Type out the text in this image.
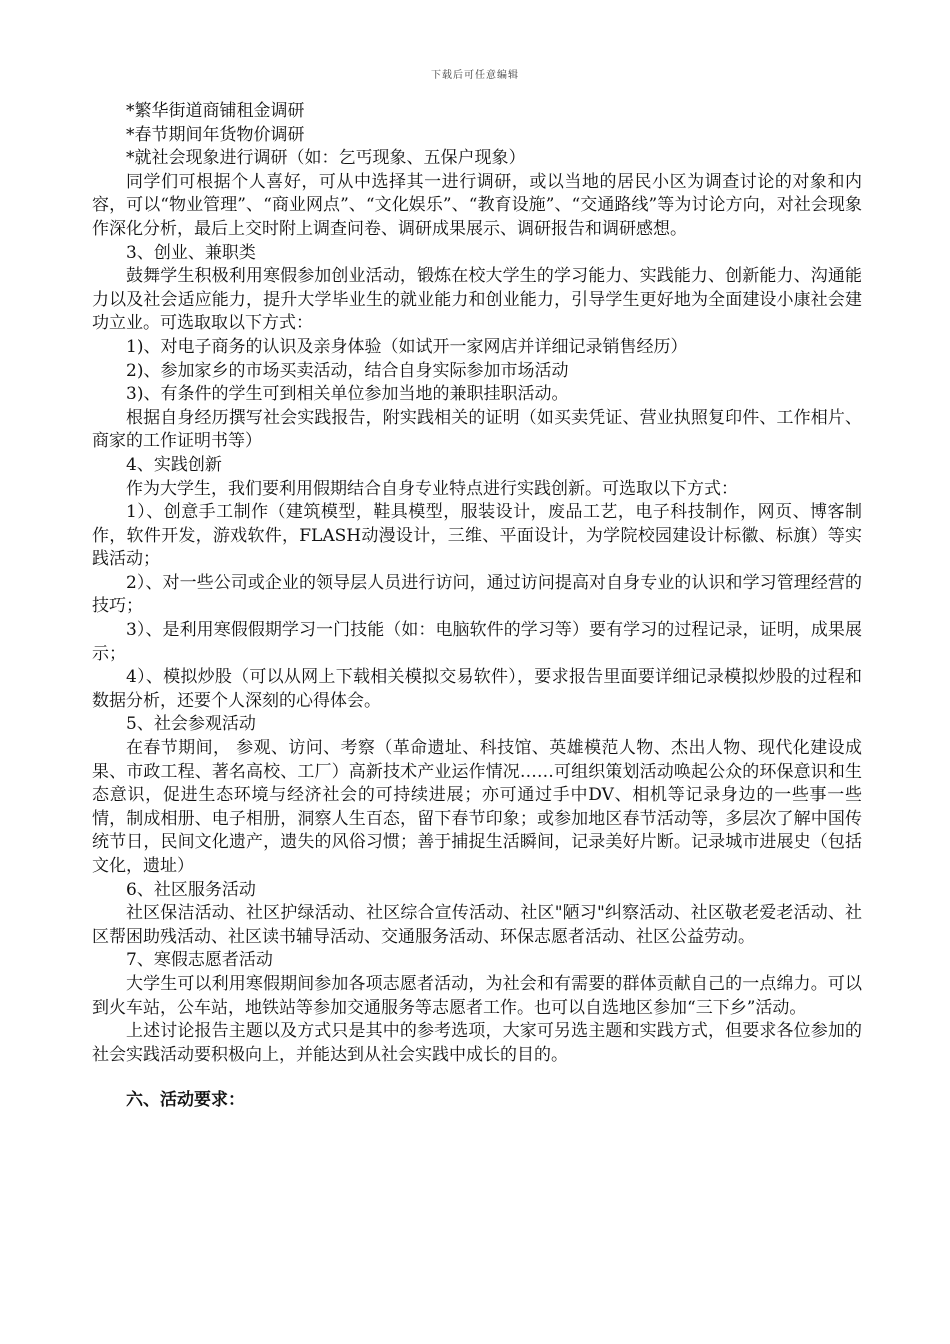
下载后可任意编辑

*繁华街道商铺租金调研

*春节期间年货物价调研

*就社会现象进行调研（如：乞丐现象、五保户现象）

同学们可根据个人喜好，可从中选择其一进行调研，或以当地的居民小区为调查讨论的对象和内容，可以“物业管理”、“商业网点”、“文化娱乐”、“教育设施”、“交通路线”等为讨论方向，对社会现象作深化分析，最后上交时附上调查问卷、调研成果展示、调研报告和调研感想。

3、创业、兼职类

鼓舞学生积极利用寒假参加创业活动，锻炼在校大学生的学习能力、实践能力、创新能力、沟通能力以及社会适应能力，提升大学毕业生的就业能力和创业能力，引导学生更好地为全面建设小康社会建功立业。可选取取以下方式：

1)、对电子商务的认识及亲身体验（如试开一家网店并详细记录销售经历）

2)、参加家乡的市场买卖活动，结合自身实际参加市场活动

3)、有条件的学生可到相关单位参加当地的兼职挂职活动。

根据自身经历撰写社会实践报告，附实践相关的证明（如买卖凭证、营业执照复印件、工作相片、商家的工作证明书等）

4、实践创新

作为大学生，我们要利用假期结合自身专业特点进行实践创新。可选取以下方式：

1）、创意手工制作（建筑模型，鞋具模型，服装设计，废品工艺，电子科技制作，网页、博客制作，软件开发，游戏软件，FLASH动漫设计，三维、平面设计，为学院校园建设计标徽、标旗）等实践活动；

2）、对一些公司或企业的领导层人员进行访问，通过访问提高对自身专业的认识和学习管理经营的技巧；

3）、是利用寒假假期学习一门技能（如：电脑软件的学习等）要有学习的过程记录，证明，成果展示；

4）、模拟炒股（可以从网上下载相关模拟交易软件），要求报告里面要详细记录模拟炒股的过程和数据分析，还要个人深刻的心得体会。

5、社会参观活动

在春节期间， 参观、访问、考察（革命遗址、科技馆、英雄模范人物、杰出人物、现代化建设成果、市政工程、著名高校、工厂）高新技术产业运作情况……可组织策划活动唤起公众的环保意识和生态意识，促进生态环境与经济社会的可持续进展；亦可通过手中DV、相机等记录身边的一些事一些情，制成相册、电子相册，洞察人生百态，留下春节印象；或参加地区春节活动等，多层次了解中国传统节日，民间文化遗产，遗失的风俗习惯；善于捕捉生活瞬间，记录美好片断。记录城市进展史（包括文化，遗址）

6、社区服务活动

社区保洁活动、社区护绿活动、社区综合宣传活动、社区"陋习"纠察活动、社区敬老爱老活动、社区帮困助残活动、社区读书辅导活动、交通服务活动、环保志愿者活动、社区公益劳动。

7、寒假志愿者活动

大学生可以利用寒假期间参加各项志愿者活动，为社会和有需要的群体贡献自己的一点绵力。可以到火车站，公车站，地铁站等参加交通服务等志愿者工作。也可以自选地区参加“三下乡”活动。

上述讨论报告主题以及方式只是其中的参考选项，大家可另选主题和实践方式，但要求各位参加的社会实践活动要积极向上，并能达到从社会实践中成长的目的。

六、活动要求：
